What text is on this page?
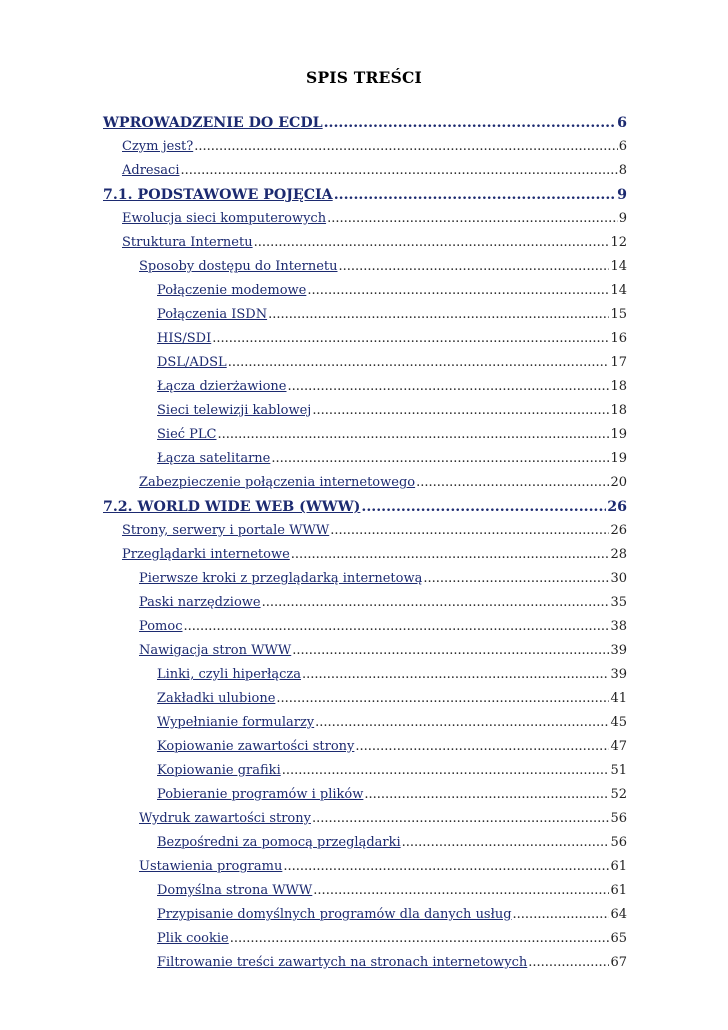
SPIS TREŚCI
WPROWADZENIE DO ECDL .....	6
Czym jest? .....	6
Adresaci .....	8
7.1. PODSTAWOWE POJĘCIA .....	9
Ewolucja sieci komputerowych .....	9
Struktura Internetu .....	12
Sposoby dostępu do Internetu .....	14
Połączenie modemowe .....	14
Połączenia ISDN .....	15
HIS/SDI .....	16
DSL/ADSL .....	17
Łącza dzierżawione .....	18
Sieci telewizji kablowej .....	18
Sieć PLC .....	19
Łącza satelitarne .....	19
Zabezpieczenie połączenia internetowego .....	20
7.2. WORLD WIDE WEB (WWW) .....	26
Strony, serwery i portale WWW .....	26
Przeglądarki internetowe .....	28
Pierwsze kroki z przeglądarką internetową .....	30
Paski narzędziowe .....	35
Pomoc .....	38
Nawigacja stron WWW .....	39
Linki, czyli hiperłącza .....	39
Zakładki ulubione .....	41
Wypełnianie formularzy .....	45
Kopiowanie zawartości strony .....	47
Kopiowanie grafiki .....	51
Pobieranie programów i plików .....	52
Wydruk zawartości strony .....	56
Bezpośredni za pomocą przeglądarki .....	56
Ustawienia programu .....	61
Domyślna strona WWW .....	61
Przypisanie domyślnych programów dla danych usług .....	64
Plik cookie .....	65
Filtrowanie treści zawartych na stronach internetowych .....	67
